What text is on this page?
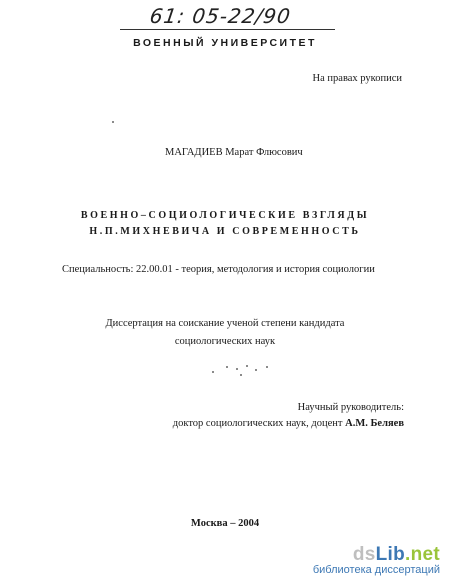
61: 05-22/90
ВОЕННЫЙ УНИВЕРСИТЕТ
На правах рукописи
МАГАДИЕВ Марат Флюсович
ВОЕННО–СОЦИОЛОГИЧЕСКИЕ ВЗГЛЯДЫ
Н.П.МИХНЕВИЧА И СОВРЕМЕННОСТЬ
Специальность: 22.00.01 - теория, методология и история социологии
Диссертация на соискание ученой степени кандидата
социологических наук
Научный руководитель:
доктор социологических наук, доцент А.М. Беляев
Москва – 2004
dsLib.net
библиотека диссертаций
